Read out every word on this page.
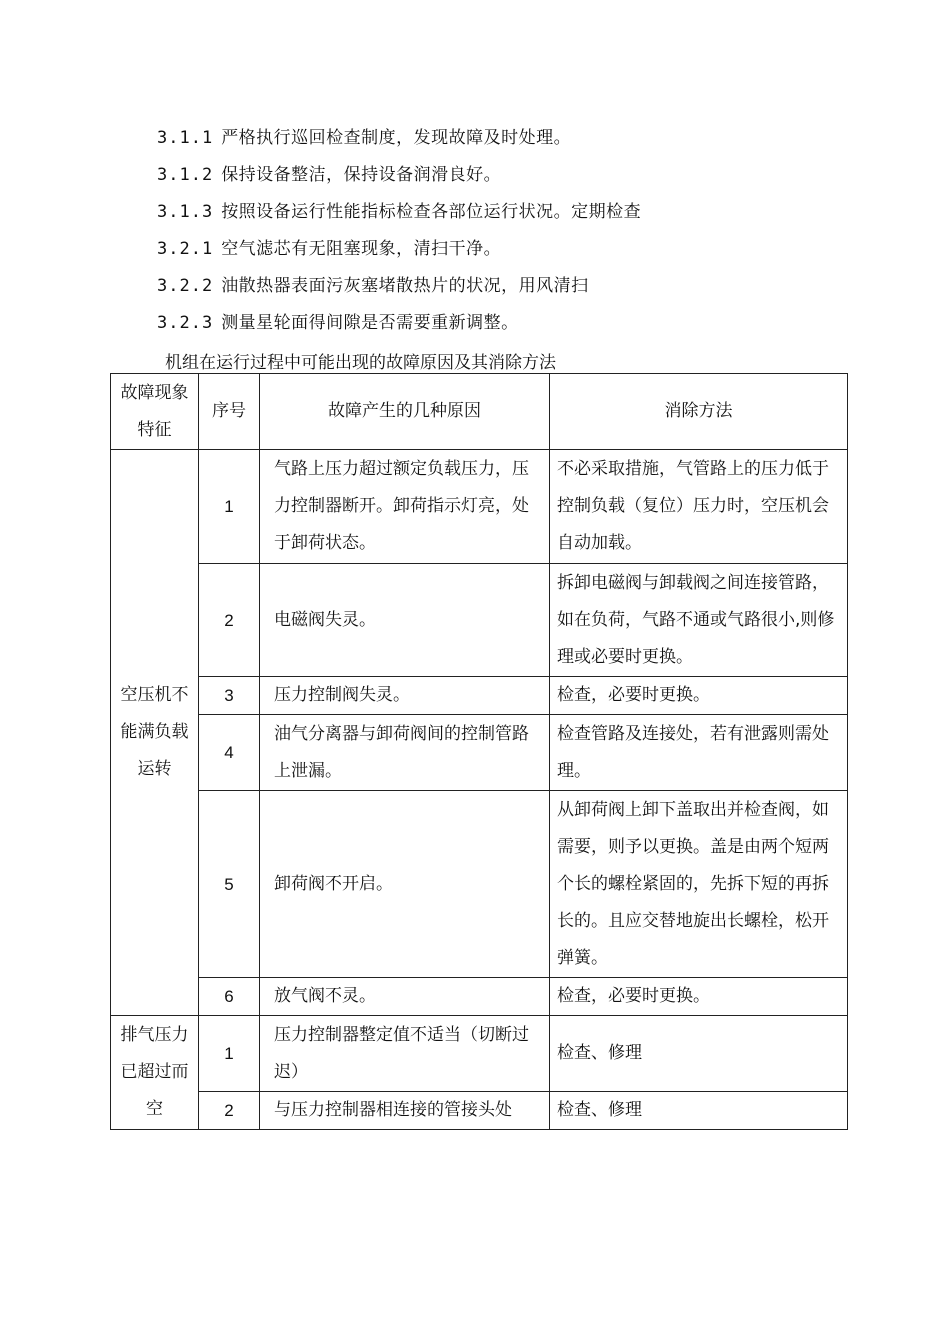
3.1.1 严格执行巡回检查制度，发现故障及时处理。
3.1.2 保持设备整洁，保持设备润滑良好。
3.1.3 按照设备运行性能指标检查各部位运行状况。定期检查
3.2.1 空气滤芯有无阻塞现象，清扫干净。
3.2.2 油散热器表面污灰塞堵散热片的状况，用风清扫
3.2.3 测量星轮面得间隙是否需要重新调整。
机组在运行过程中可能出现的故障原因及其消除方法
故障现象特征	序号	故障产生的几种原因	消除方法

空压机不能满负载运转	1	气路上压力超过额定负载压力，压力控制器断开。卸荷指示灯亮，处于卸荷状态。	不必采取措施，气管路上的压力低于控制负载（复位）压力时，空压机会自动加载。
	2	电磁阀失灵。	拆卸电磁阀与卸载阀之间连接管路，如在负荷，气路不通或气路很小,则修理或必要时更换。
	3	压力控制阀失灵。	检查，必要时更换。
	4	油气分离器与卸荷阀间的控制管路上泄漏。	检查管路及连接处，若有泄露则需处理。
	5	卸荷阀不开启。	从卸荷阀上卸下盖取出并检查阀，如需要，则予以更换。盖是由两个短两个长的螺栓紧固的，先拆下短的再拆长的。且应交替地旋出长螺栓，松开弹簧。
	6	放气阀不灵。	检查，必要时更换。

排气压力已超过而空	1	压力控制器整定值不适当（切断过迟）	检查、修理
	2	与压力控制器相连接的管接头处	检查、修理
